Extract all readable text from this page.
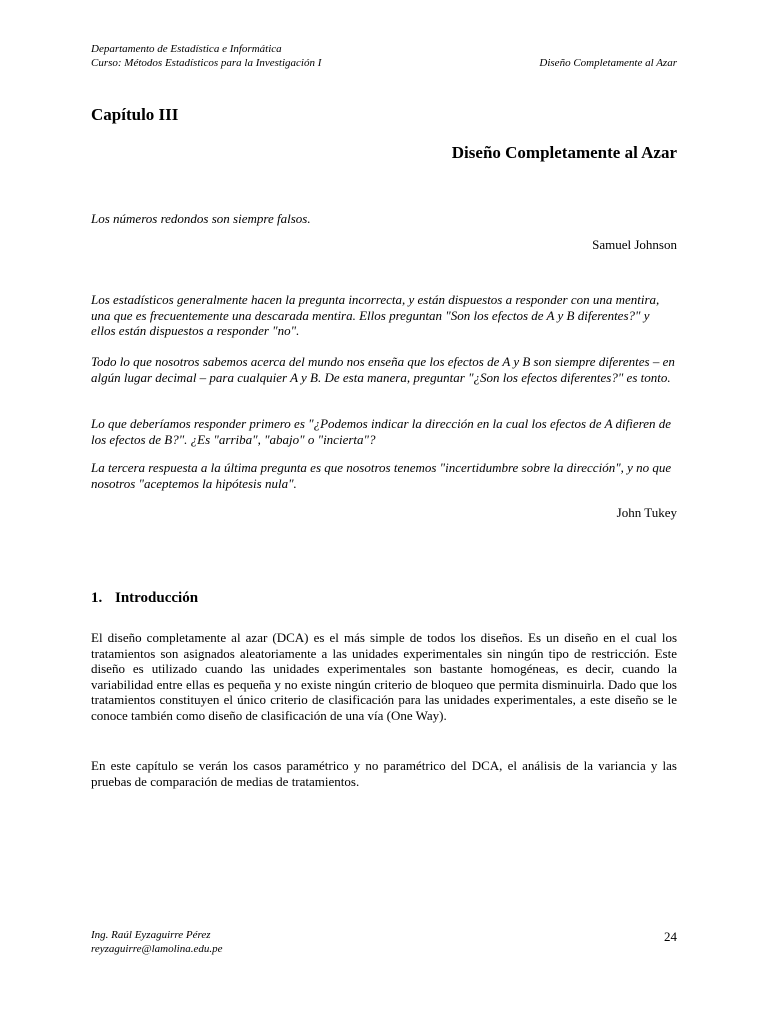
Departamento de Estadística e Informática
Curso: Métodos Estadísticos para la Investigación I	Diseño Completamente al Azar
Capítulo III
Diseño Completamente al Azar
Los números redondos son siempre falsos.
Samuel Johnson
Los estadísticos generalmente hacen la pregunta incorrecta, y están dispuestos a responder con una mentira, una que es frecuentemente una descarada mentira. Ellos preguntan "Son los efectos de A y B diferentes?" y ellos están dispuestos a responder "no".
Todo lo que nosotros sabemos acerca del mundo nos enseña que los efectos de A y B son siempre diferentes – en algún lugar decimal – para cualquier A y B. De esta manera, preguntar "¿Son los efectos diferentes?" es tonto.
Lo que deberíamos responder primero es "¿Podemos indicar la dirección en la cual los efectos de A difieren de los efectos de B?". ¿Es "arriba", "abajo" o "incierta"?
La tercera respuesta a la última pregunta es que nosotros tenemos "incertidumbre sobre la dirección", y no que nosotros "aceptemos la hipótesis nula".
John Tukey
1. Introducción
El diseño completamente al azar (DCA) es el más simple de todos los diseños. Es un diseño en el cual los tratamientos son asignados aleatoriamente a las unidades experimentales sin ningún tipo de restricción. Este diseño es utilizado cuando las unidades experimentales son bastante homogéneas, es decir, cuando la variabilidad entre ellas es pequeña y no existe ningún criterio de bloqueo que permita disminuirla. Dado que los tratamientos constituyen el único criterio de clasificación para las unidades experimentales, a este diseño se le conoce también como diseño de clasificación de una vía (One Way).
En este capítulo se verán los casos paramétrico y no paramétrico del DCA, el análisis de la variancia y las pruebas de comparación de medias de tratamientos.
Ing. Raúl Eyzaguirre Pérez
reyzaguirre@lamolina.edu.pe
24
